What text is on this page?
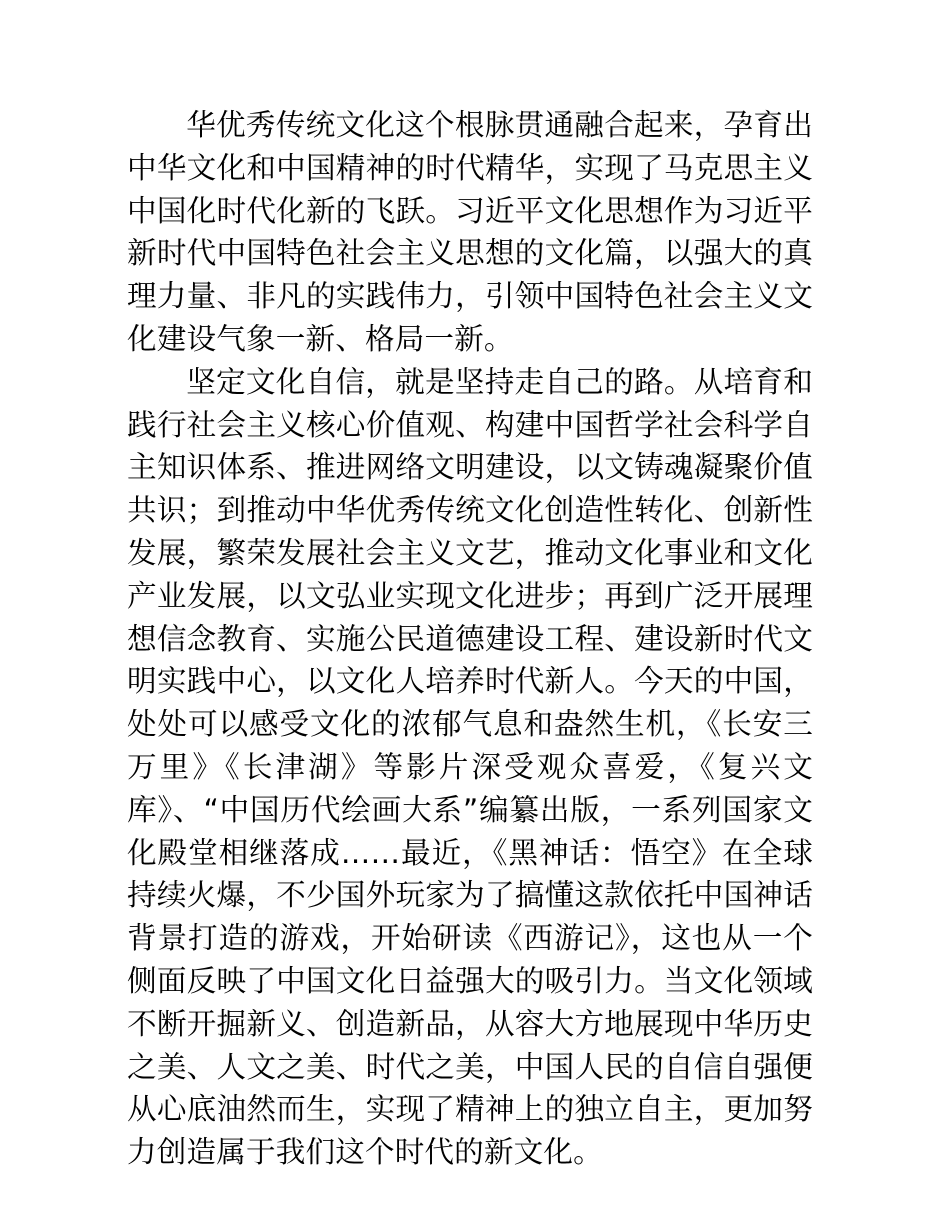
华优秀传统文化这个根脉贯通融合起来，孕育出中华文化和中国精神的时代精华，实现了马克思主义中国化时代化新的飞跃。习近平文化思想作为习近平新时代中国特色社会主义思想的文化篇，以强大的真理力量、非凡的实践伟力，引领中国特色社会主义文化建设气象一新、格局一新。

坚定文化自信，就是坚持走自己的路。从培育和践行社会主义核心价值观、构建中国哲学社会科学自主知识体系、推进网络文明建设，以文铸魂凝聚价值共识；到推动中华优秀传统文化创造性转化、创新性发展，繁荣发展社会主义文艺，推动文化事业和文化产业发展，以文弘业实现文化进步；再到广泛开展理想信念教育、实施公民道德建设工程、建设新时代文明实践中心，以文化人培养时代新人。今天的中国，处处可以感受文化的浓郁气息和盎然生机，《长安三万里》《长津湖》等影片深受观众喜爱，《复兴文库》、“中国历代绘画大系”编纂出版，一系列国家文化殿堂相继落成……最近，《黑神话：悟空》在全球持续火爆，不少国外玩家为了搞懂这款依托中国神话背景打造的游戏，开始研读《西游记》，这也从一个侧面反映了中国文化日益强大的吸引力。当文化领域不断开掘新义、创造新品，从容大方地展现中华历史之美、人文之美、时代之美，中国人民的自信自强便从心底油然而生，实现了精神上的独立自主，更加努力创造属于我们这个时代的新文化。
